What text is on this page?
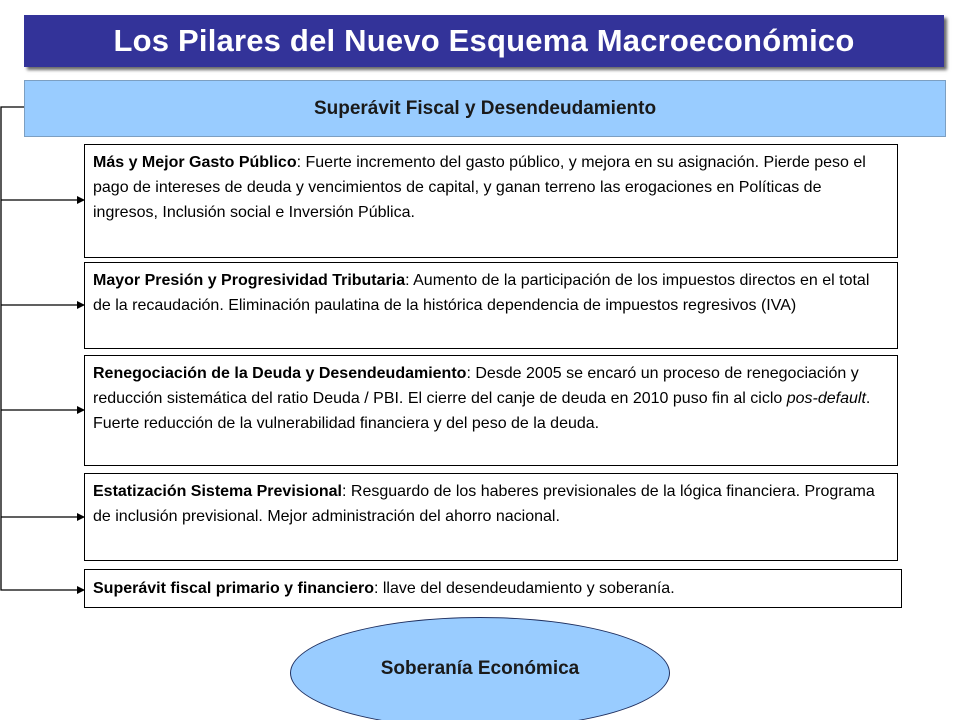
Los Pilares del Nuevo Esquema Macroeconómico
Superávit Fiscal y Desendeudamiento
Más y Mejor Gasto Público: Fuerte incremento del gasto público, y mejora en su asignación. Pierde peso el pago de intereses de deuda y vencimientos de capital, y ganan terreno las erogaciones en Políticas de ingresos, Inclusión social e Inversión Pública.
Mayor Presión y Progresividad Tributaria: Aumento de la participación de los impuestos directos en el total de la recaudación. Eliminación paulatina de la histórica dependencia de impuestos regresivos (IVA)
Renegociación de la Deuda y Desendeudamiento: Desde 2005 se encaró un proceso de renegociación y reducción sistemática del ratio Deuda / PBI. El cierre del canje de deuda en 2010 puso fin al ciclo pos-default. Fuerte reducción de la vulnerabilidad financiera y del peso de la deuda.
Estatización Sistema Previsional: Resguardo de los haberes previsionales de la lógica financiera. Programa de inclusión previsional. Mejor administración del ahorro nacional.
Superávit fiscal primario y financiero: llave del desendeudamiento y soberanía.
Soberanía Económica
